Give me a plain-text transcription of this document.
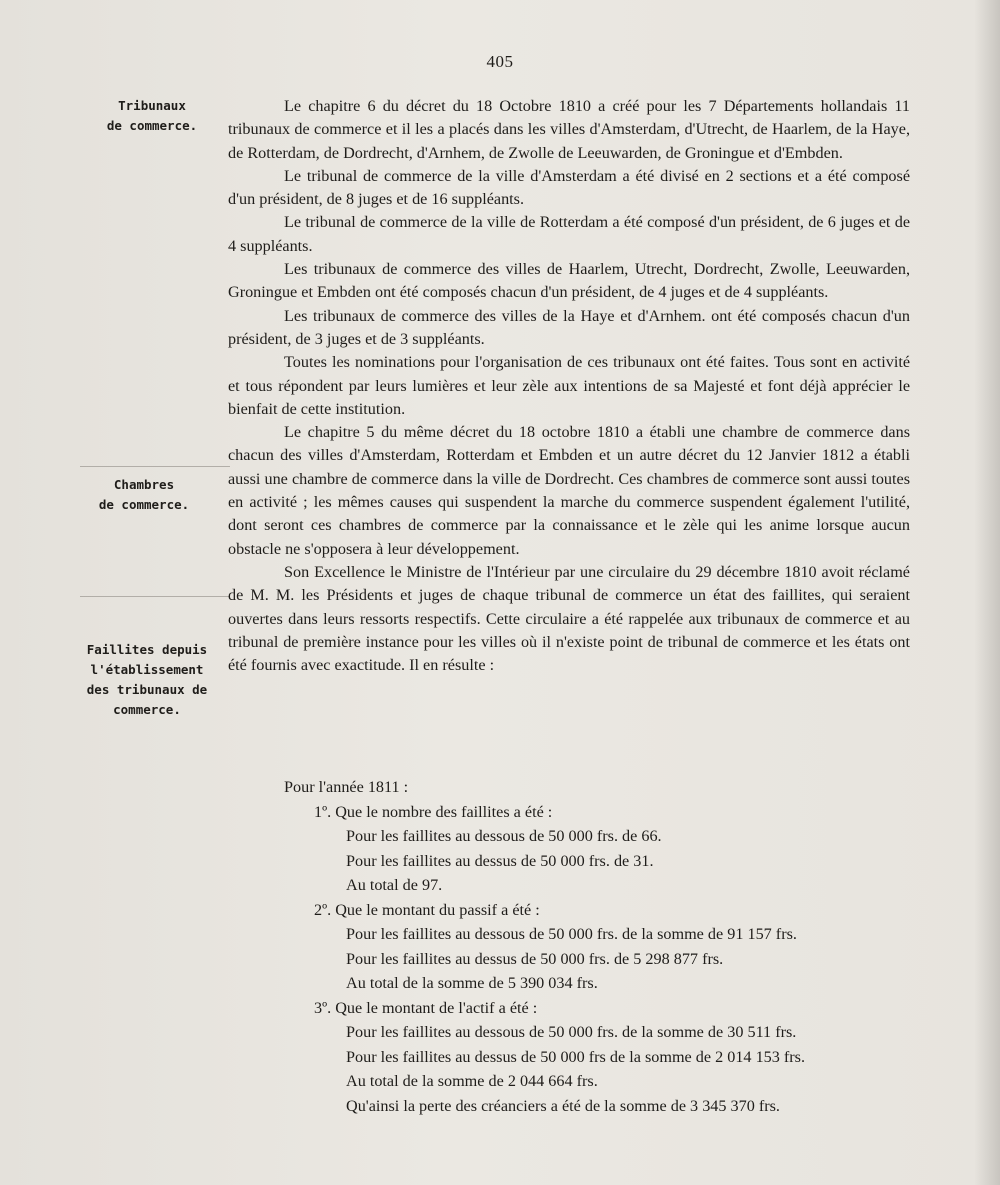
405
Tribunaux
de commerce.
Chambres
de commerce.
Faillites depuis
l'établissement
des tribunaux de
commerce.

Le chapitre 6 du décret du 18 Octobre 1810 a créé pour les 7 Départements hollandais 11 tribunaux de commerce et il les a placés dans les villes d'Amsterdam, d'Utrecht, de Haarlem, de la Haye, de Rotterdam, de Dordrecht, d'Arnhem, de Zwolle de Leeuwarden, de Groningue et d'Embden.

Le tribunal de commerce de la ville d'Amsterdam a été divisé en 2 sections et a été composé d'un président, de 8 juges et de 16 suppléants.

Le tribunal de commerce de la ville de Rotterdam a été composé d'un président, de 6 juges et de 4 suppléants.

Les tribunaux de commerce des villes de Haarlem, Utrecht, Dordrecht, Zwolle, Leeuwarden, Groningue et Embden ont été composés chacun d'un président, de 4 juges et de 4 suppléants.

Les tribunaux de commerce des villes de la Haye et d'Arnhem. ont été composés chacun d'un président, de 3 juges et de 3 suppléants.

Toutes les nominations pour l'organisation de ces tribunaux ont été faites. Tous sont en activité et tous répondent par leurs lumières et leur zèle aux intentions de sa Majesté et font déjà apprécier le bienfait de cette institution.

Le chapitre 5 du même décret du 18 octobre 1810 a établi une chambre de commerce dans chacun des villes d'Amsterdam, Rotterdam et Embden et un autre décret du 12 Janvier 1812 a établi aussi une chambre de commerce dans la ville de Dordrecht. Ces chambres de commerce sont aussi toutes en activité ; les mêmes causes qui suspendent la marche du commerce suspendent également l'utilité, dont seront ces chambres de commerce par la connaissance et le zèle qui les anime lorsque aucun obstacle ne s'opposera à leur développement.

Son Excellence le Ministre de l'Intérieur par une circulaire du 29 décembre 1810 avoit réclamé de M. M. les Présidents et juges de chaque tribunal de commerce un état des faillites, qui seraient ouvertes dans leurs ressorts respectifs. Cette circulaire a été rappelée aux tribunaux de commerce et au tribunal de première instance pour les villes où il n'existe point de tribunal de commerce et les états ont été fournis avec exactitude. Il en résulte :

Pour l'année 1811 :
1º. Que le nombre des faillites a été :
Pour les faillites au dessous de 50 000 frs. de 66.
Pour les faillites au dessus de 50 000 frs. de 31.
Au total de 97.
2º. Que le montant du passif a été :
Pour les faillites au dessous de 50 000 frs. de la somme de 91 157 frs.
Pour les faillites au dessus de 50 000 frs. de 5 298 877 frs.
Au total de la somme de 5 390 034 frs.
3º. Que le montant de l'actif a été :
Pour les faillites au dessous de 50 000 frs. de la somme de 30 511 frs.
Pour les faillites au dessus de 50 000 frs de la somme de 2 014 153 frs.
Au total de la somme de 2 044 664 frs.
Qu'ainsi la perte des créanciers a été de la somme de 3 345 370 frs.
